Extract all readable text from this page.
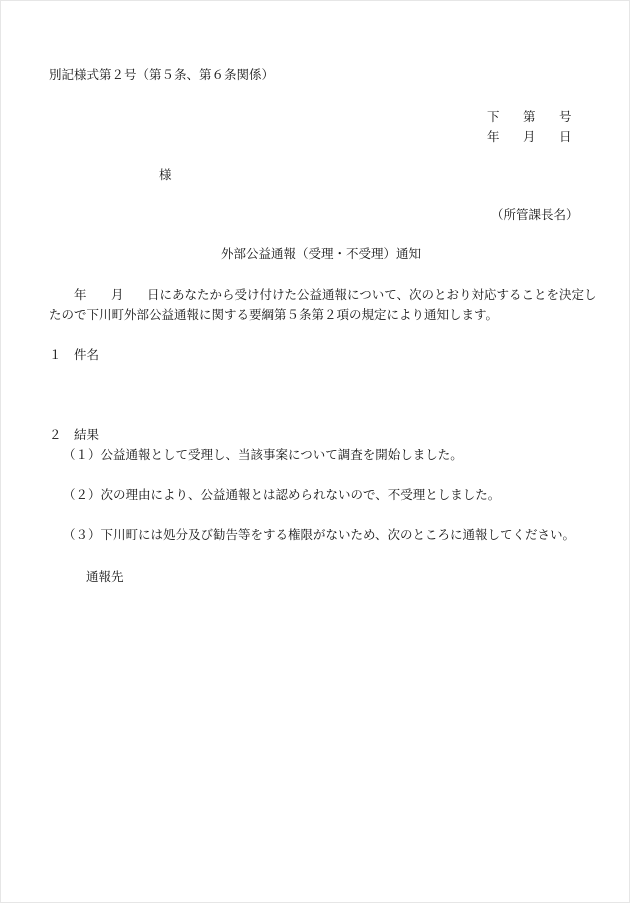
別記様式第２号（第５条、第６条関係）
下	第	号
年	月	日
様
（所管課長名）
外部公益通報（受理・不受理）通知
年 月 日にあなたから受け付けた公益通報について、次のとおり対応することを決定し
たので下川町外部公益通報に関する要綱第５条第２項の規定により通知します。
１　件名
２　結果
（１）公益通報として受理し、当該事案について調査を開始しました。
（２）次の理由により、公益通報とは認められないので、不受理としました。
（３）下川町には処分及び勧告等をする権限がないため、次のところに通報してください。
通報先
